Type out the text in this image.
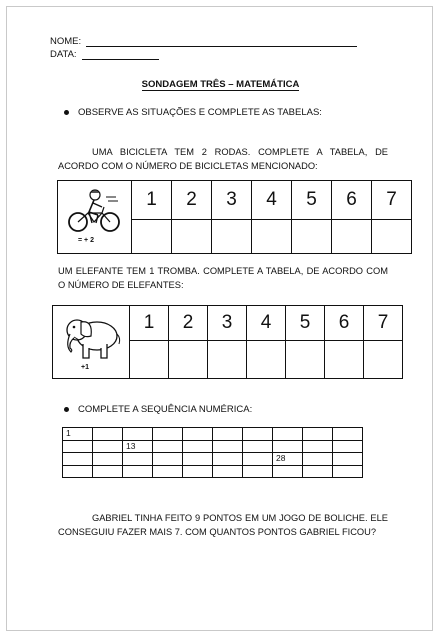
NOME:
DATA:
SONDAGEM TRÊS – MATEMÁTICA
OBSERVE AS SITUAÇÕES E COMPLETE AS TABELAS:
UMA BICICLETA TEM 2 RODAS. COMPLETE A TABELA, DE ACORDO COM O NÚMERO DE BICICLETAS MENCIONADO:
= + 2	1	2	3	4	5	6	7

UM ELEFANTE TEM 1 TROMBA. COMPLETE A TABELA, DE ACORDO COM O NÚMERO DE ELEFANTES:
+1	1	2	3	4	5	6	7

COMPLETE A SEQUÊNCIA NUMÉRICA:
1									
		13							
							28		

GABRIEL TINHA FEITO 9 PONTOS EM UM JOGO DE BOLICHE. ELE CONSEGUIU FAZER MAIS 7. COM QUANTOS PONTOS GABRIEL FICOU?
